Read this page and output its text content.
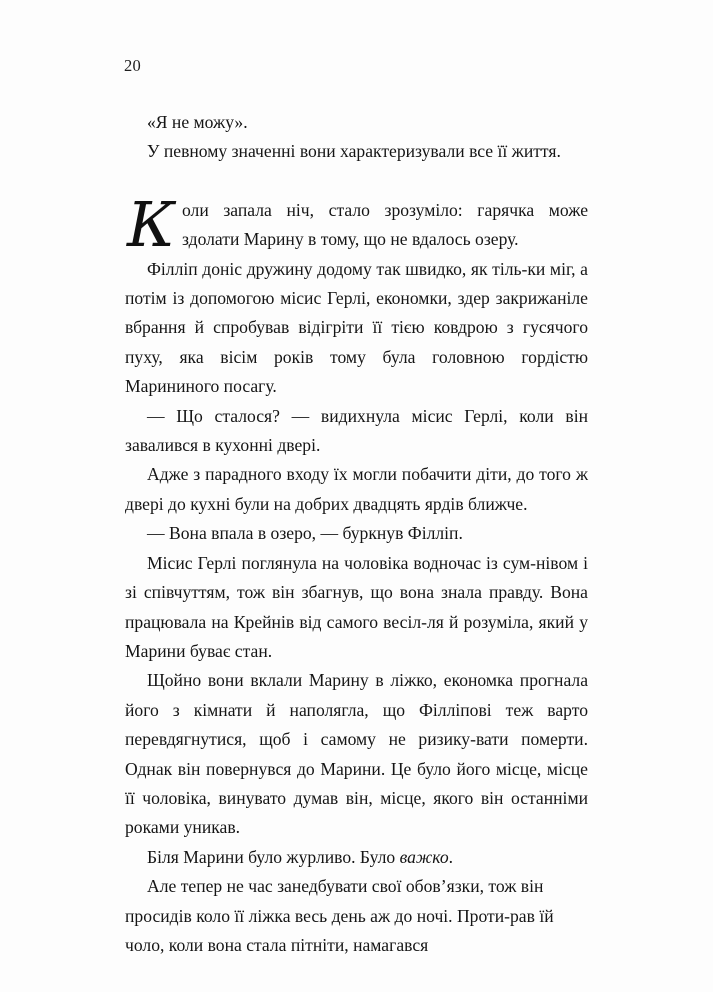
20

«Я не можу».

У певному значенні вони характеризували все її життя.

Коли запала ніч, стало зрозуміло: гарячка може здолати Марину в тому, що не вдалось озеру.

Філліп доніс дружину додому так швидко, як тіль-​ки міг, а потім із допомогою місис Герлі, економки, здер закрижаніле вбрання й спробував відігріти її тією ковдрою з гусячого пуху, яка вісім років тому була головною гордістю Марининого посагу.

— Що сталося? — видихнула місис Герлі, коли він завалився в кухонні двері.

Адже з парадного входу їх могли побачити діти, до того ж двері до кухні були на добрих двадцять ярдів ближче.

— Вона впала в озеро, — буркнув Філліп.

Місис Герлі поглянула на чоловіка водночас із сум-​нівом і зі співчуттям, тож він збагнув, що вона знала правду. Вона працювала на Крейнів від самого весіл-​ля й розуміла, який у Марини буває стан.

Щойно вони вклали Марину в ліжко, економка прогнала його з кімнати й наполягла, що Філліпові теж варто перевдягнутися, щоб і самому не ризику-​вати померти. Однак він повернувся до Марини. Це було його місце, місце її чоловіка, винувато думав він, місце, якого він останніми роками уникав.

Біля Марини було журливо. Було важко.

Але тепер не час занедбувати свої обов’язки, тож він просидів коло її ліжка весь день аж до ночі. Проти-​рав їй чоло, коли вона стала пітніти, намагався
